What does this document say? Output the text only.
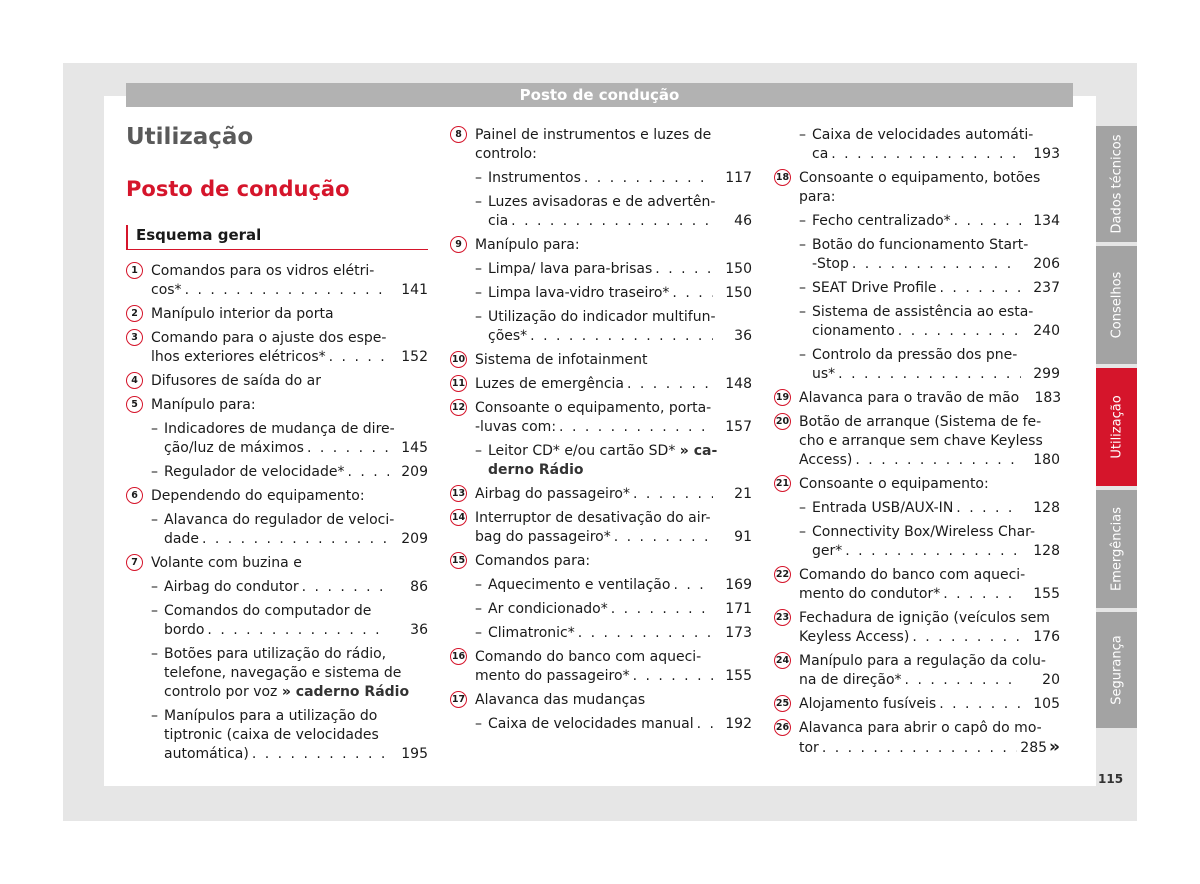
Posto de condução
Dados técnicos
Conselhos
Utilização
Emergências
Segurança
115
Utilização
Posto de condução
Esquema geral
1 Comandos para os vidros elétri-
cos* . . .	141
2 Manípulo interior da porta
3 Comando para o ajuste dos espe-
lhos exteriores elétricos* . . .	152
4 Difusores de saída do ar
5 Manípulo para:
– Indicadores de mudança de dire-
ção/luz de máximos . . .	145
– Regulador de velocidade* . . .	209
6 Dependendo do equipamento:
– Alavanca do regulador de veloci-
dade . . .	209
7 Volante com buzina e
– Airbag do condutor . . .	86
– Comandos do computador de
bordo . . .	36
– Botões para utilização do rádio,
telefone, navegação e sistema de
controlo por voz » caderno Rádio
– Manípulos para a utilização do
tiptronic (caixa de velocidades
automática) . . .	195
8 Painel de instrumentos e luzes de
controlo:
– Instrumentos . . .	117
– Luzes avisadoras e de advertên-
cia . . .	46
9 Manípulo para:
– Limpa/ lava para-brisas . . .	150
– Limpa lava-vidro traseiro* . . .	150
– Utilização do indicador multifun-
ções* . . .	36
10 Sistema de infotainment
11 Luzes de emergência . . .	148
12 Consoante o equipamento, porta-
-luvas com: . . .	157
– Leitor CD* e/ou cartão SD* » ca-
derno Rádio
13 Airbag do passageiro* . . .	21
14 Interruptor de desativação do air-
bag do passageiro* . . .	91
15 Comandos para:
– Aquecimento e ventilação . . .	169
– Ar condicionado* . . .	171
– Climatronic* . . .	173
16 Comando do banco com aqueci-
mento do passageiro* . . .	155
17 Alavanca das mudanças
– Caixa de velocidades manual . . .	192
– Caixa de velocidades automáti-
ca . . .	193
18 Consoante o equipamento, botões
para:
– Fecho centralizado* . . .	134
– Botão do funcionamento Start-
-Stop . . .	206
– SEAT Drive Profile . . .	237
– Sistema de assistência ao esta-
cionamento . . .	240
– Controlo da pressão dos pne-
us* . . .	299
19 Alavanca para o travão de mão	183
20 Botão de arranque (Sistema de fe-
cho e arranque sem chave Keyless
Access) . . .	180
21 Consoante o equipamento:
– Entrada USB/AUX-IN . . .	128
– Connectivity Box/Wireless Char-
ger* . . .	128
22 Comando do banco com aqueci-
mento do condutor* . . .	155
23 Fechadura de ignição (veículos sem
Keyless Access) . . .	176
24 Manípulo para a regulação da colu-
na de direção* . . .	20
25 Alojamento fusíveis . . .	105
26 Alavanca para abrir o capô do mo-
tor . . .	285 »
